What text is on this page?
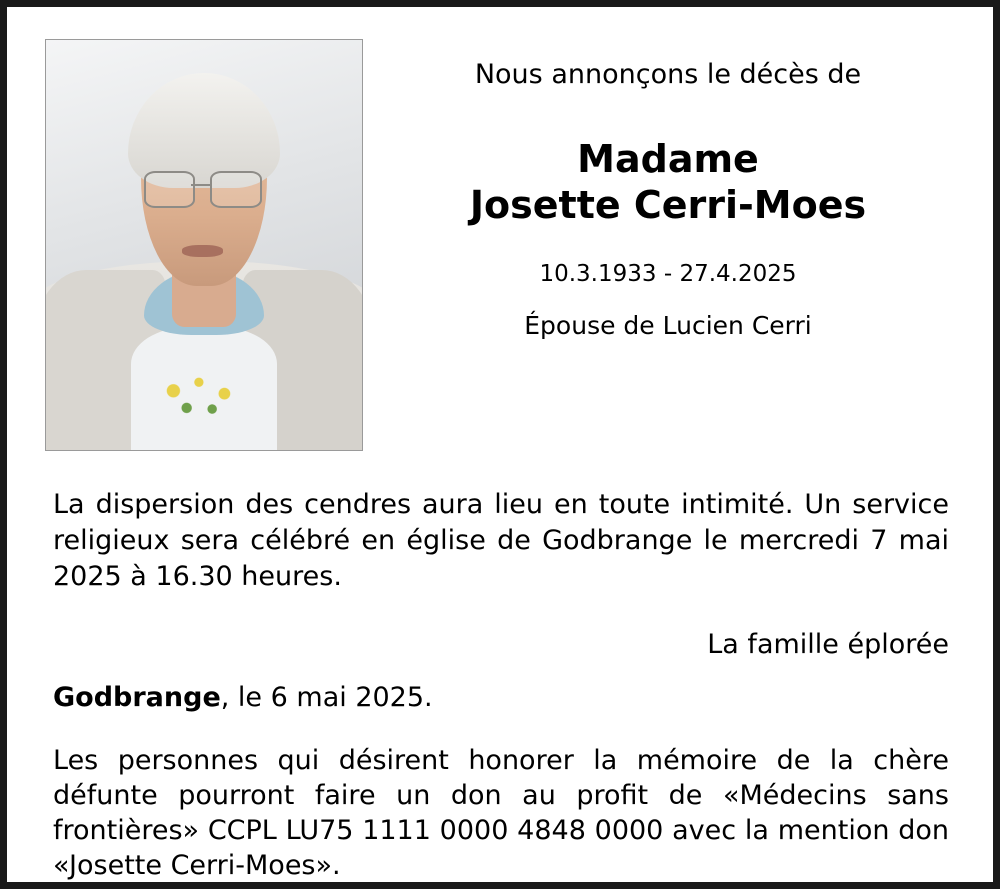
Nous annonçons le décès de
Madame
Josette Cerri-Moes
10.3.1933 - 27.4.2025
Épouse de Lucien Cerri

La dispersion des cendres aura lieu en toute intimité. Un service religieux sera célébré en église de Godbrange le mercredi 7 mai 2025 à 16.30 heures.

La famille éplorée
Godbrange, le 6 mai 2025.

Les personnes qui désirent honorer la mémoire de la chère défunte pourront faire un don au profit de «Médecins sans frontières» CCPL LU75 1111 0000 4848 0000 avec la mention don «Josette Cerri-Moes».
